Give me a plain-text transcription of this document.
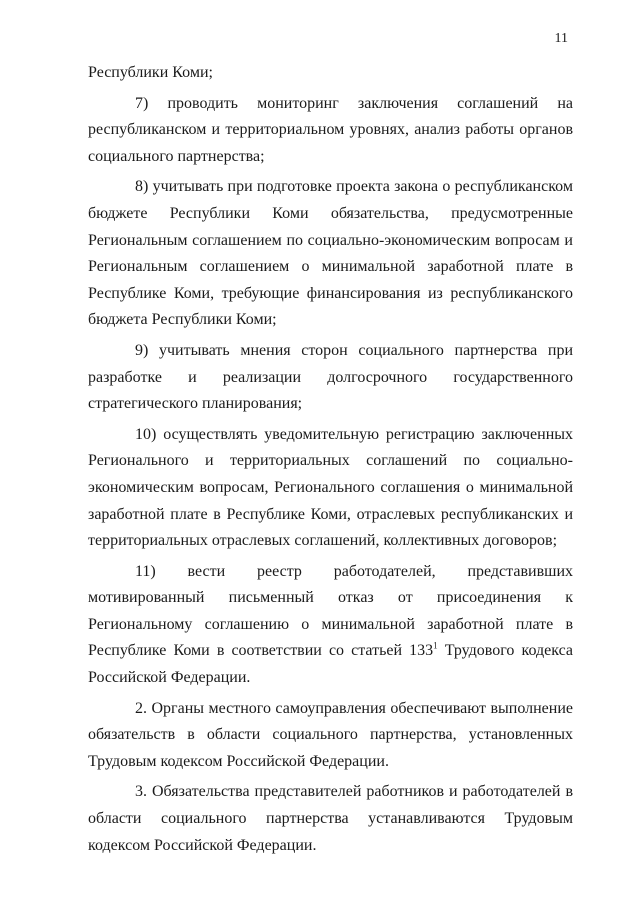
11

Республики Коми;

7) проводить мониторинг заключения соглашений на республиканском и территориальном уровнях, анализ работы органов социального партнерства;

8) учитывать при подготовке проекта закона о республиканском бюджете Республики Коми обязательства, предусмотренные Региональным соглашением по социально-экономическим вопросам и Региональным соглашением о минимальной заработной плате в Республике Коми, требующие финансирования из республиканского бюджета Республики Коми;

9) учитывать мнения сторон социального партнерства при разработке и реализации долгосрочного государственного стратегического планирования;

10) осуществлять уведомительную регистрацию заключенных Регионального и территориальных соглашений по социально-экономическим вопросам, Регионального соглашения о минимальной заработной плате в Республике Коми, отраслевых республиканских и территориальных отраслевых соглашений, коллективных договоров;

11) вести реестр работодателей, представивших мотивированный письменный отказ от присоединения к Региональному соглашению о минимальной заработной плате в Республике Коми в соответствии со статьей $133^1$ Трудового кодекса Российской Федерации.

2. Органы местного самоуправления обеспечивают выполнение обязательств в области социального партнерства, установленных Трудовым кодексом Российской Федерации.

3. Обязательства представителей работников и работодателей в области социального партнерства устанавливаются Трудовым кодексом Российской Федерации.
